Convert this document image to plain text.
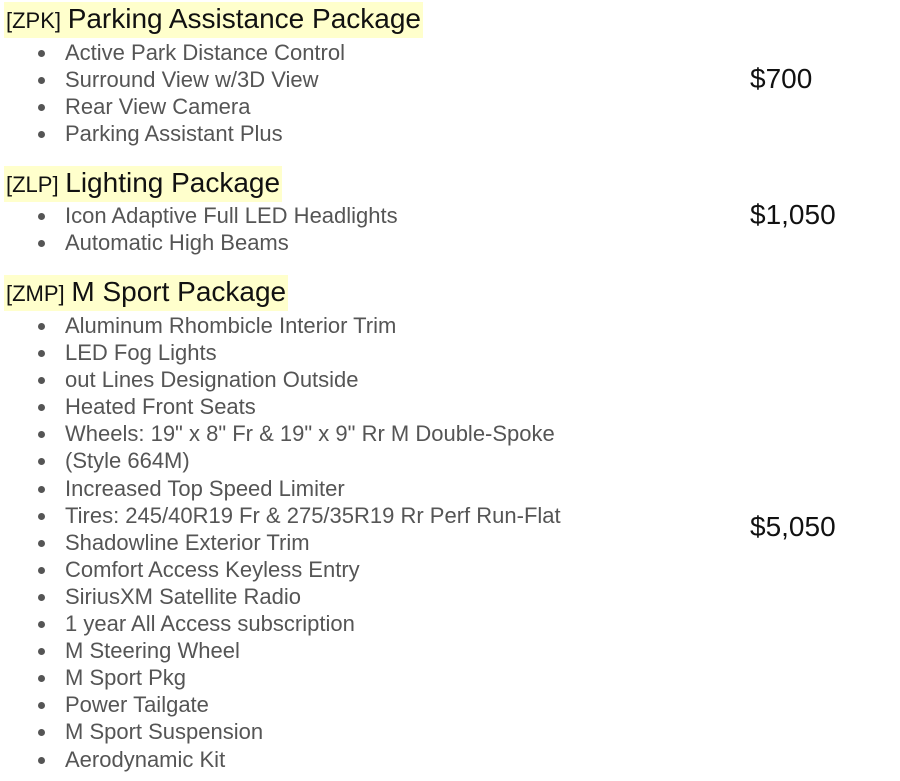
[ZPK] Parking Assistance Package
Active Park Distance Control
Surround View w/3D View
Rear View Camera
Parking Assistant Plus
$700
[ZLP] Lighting Package
Icon Adaptive Full LED Headlights
Automatic High Beams
$1,050
[ZMP] M Sport Package
Aluminum Rhombicle Interior Trim
LED Fog Lights
out Lines Designation Outside
Heated Front Seats
Wheels: 19" x 8" Fr & 19" x 9" Rr M Double-Spoke
(Style 664M)
Increased Top Speed Limiter
Tires: 245/40R19 Fr & 275/35R19 Rr Perf Run-Flat
Shadowline Exterior Trim
Comfort Access Keyless Entry
SiriusXM Satellite Radio
1 year All Access subscription
M Steering Wheel
M Sport Pkg
Power Tailgate
M Sport Suspension
Aerodynamic Kit
$5,050
